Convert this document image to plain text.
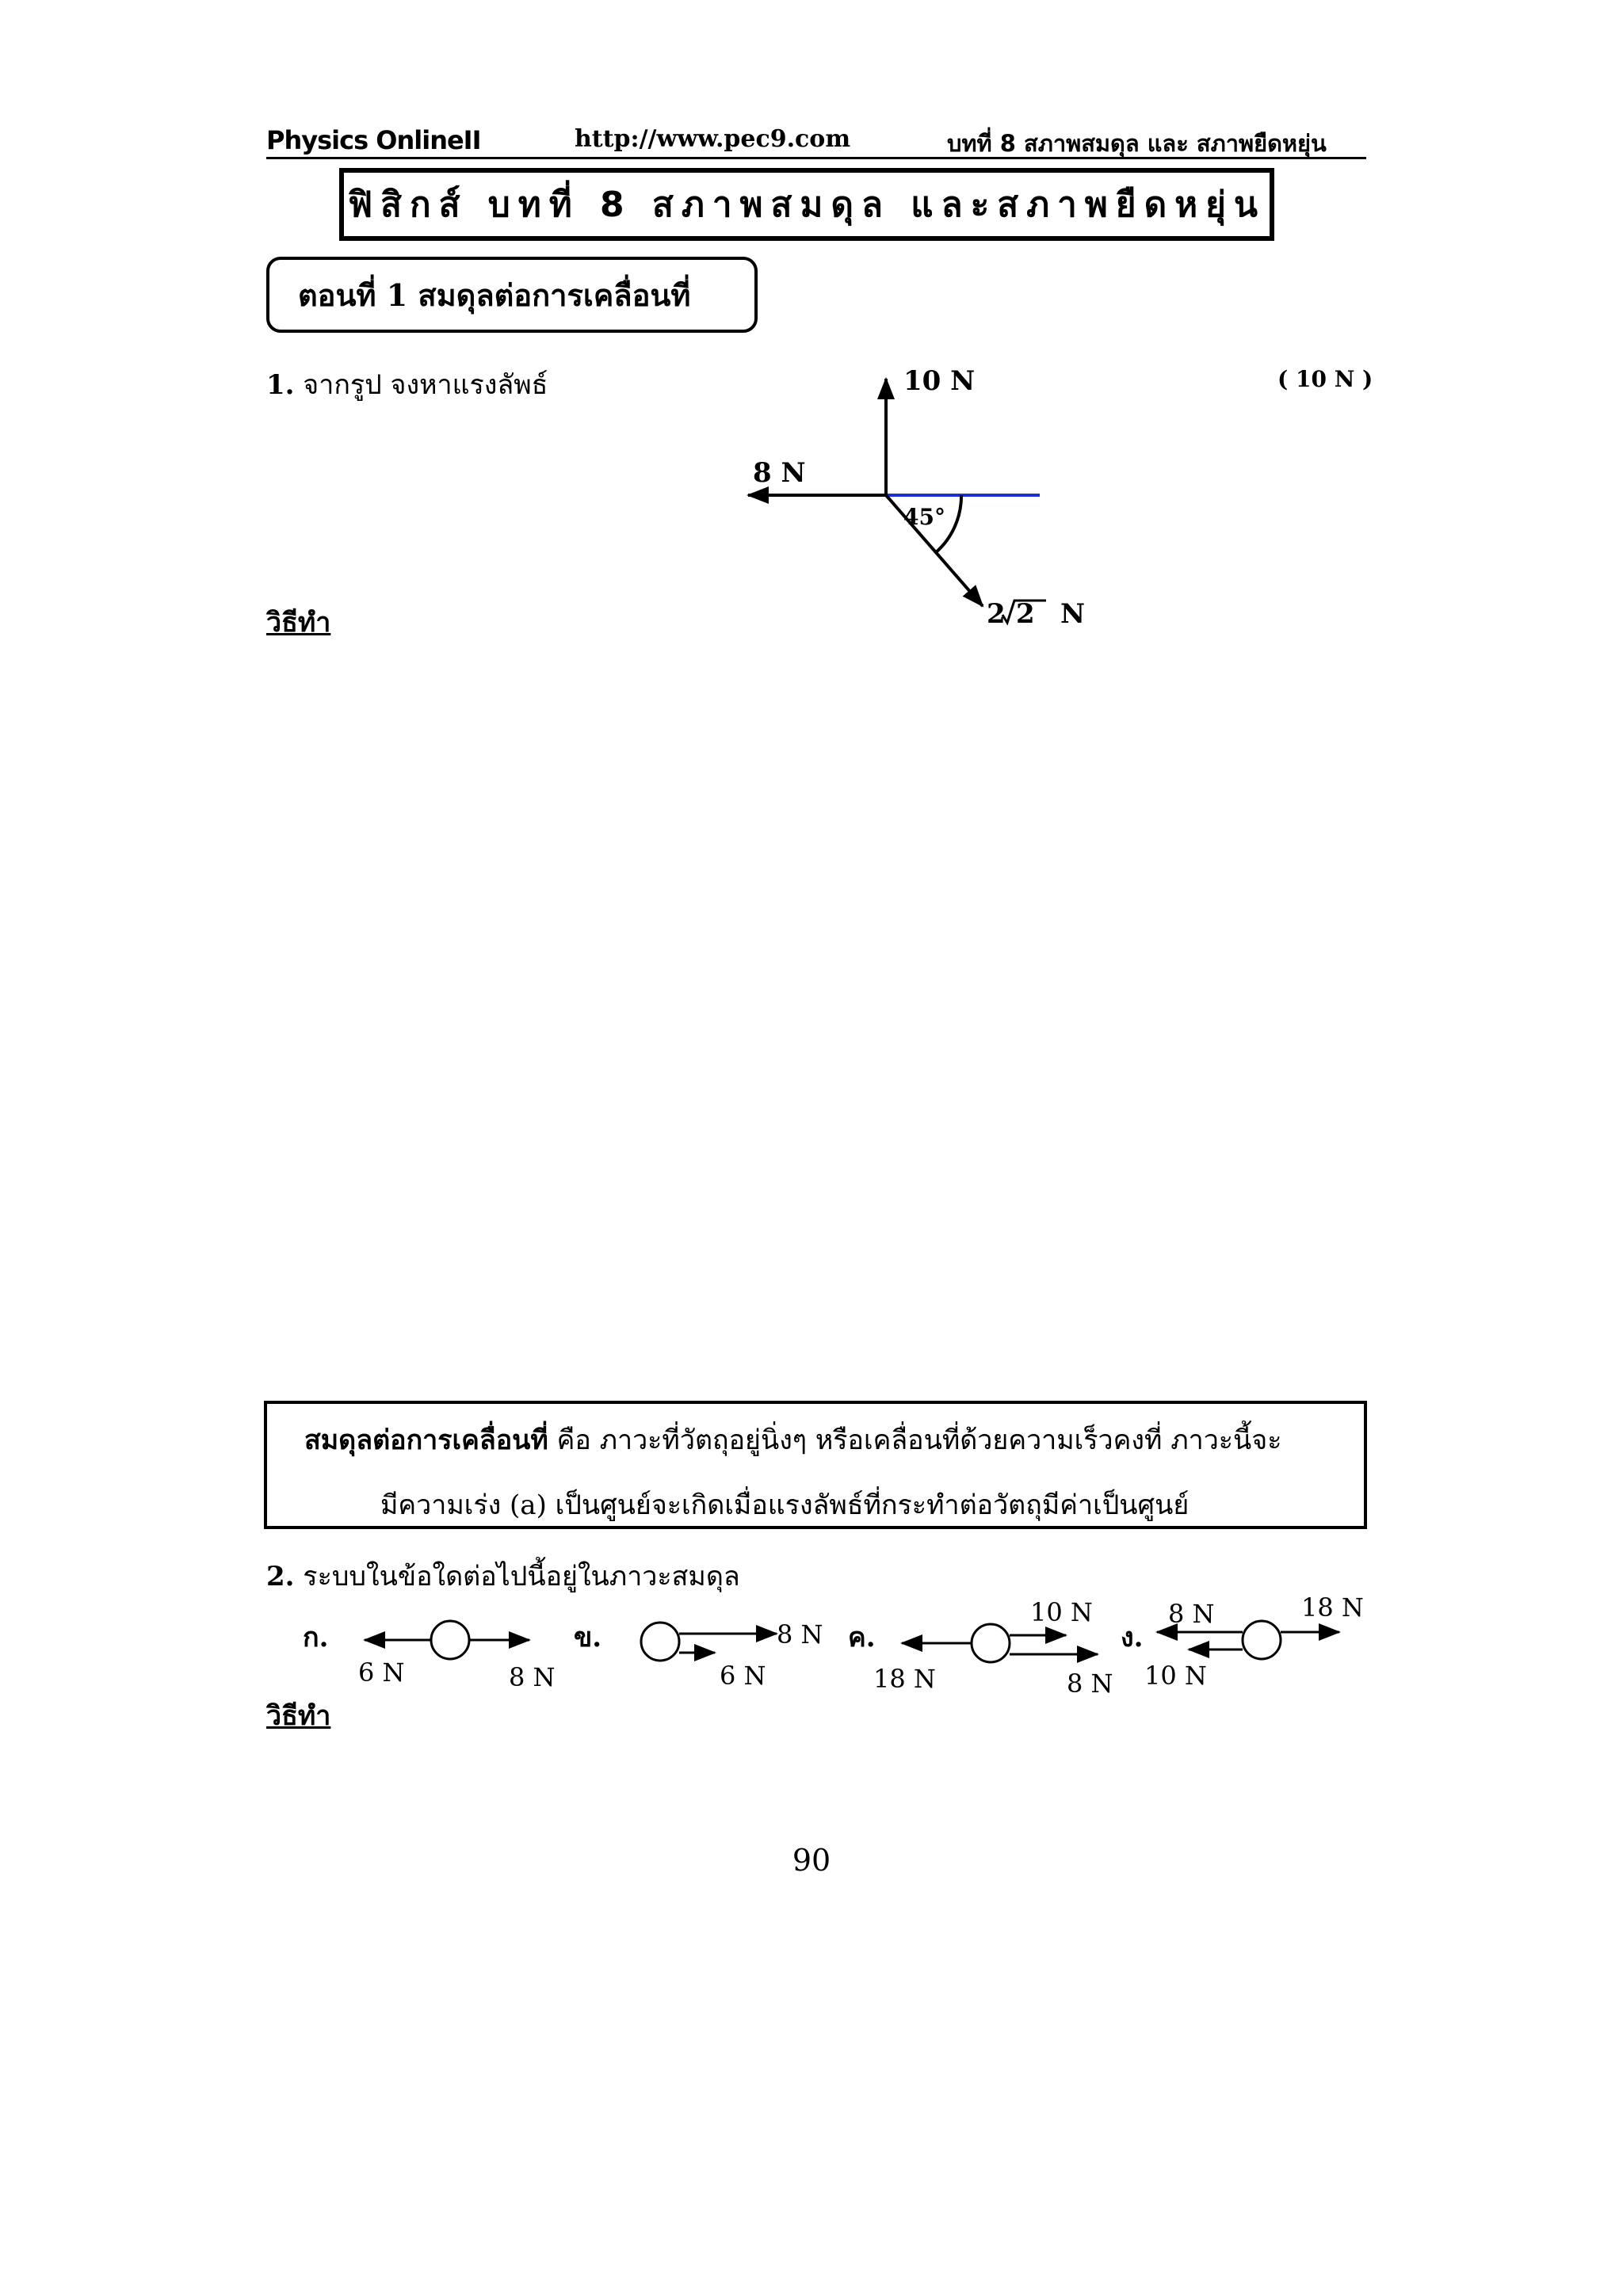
Physics OnlineII	http://www.pec9.com	บทที่ 8 สภาพสมดุล และ สภาพยืดหยุ่น
ฟิสิกส์ บทที่ 8 สภาพสมดุล และสภาพยืดหยุ่น
ตอนที่ 1 สมดุลต่อการเคลื่อนที่
1. จากรูป จงหาแรงลัพธ์	( 10 N )
วิธีทำ
10 N
8 N
45°
2 2 N
สมดุลต่อการเคลื่อนที่ คือ ภาวะที่วัตถุอยู่นิ่งๆ หรือเคลื่อนที่ด้วยความเร็วคงที่ ภาวะนี้จะ
มีความเร่ง (a) เป็นศูนย์จะเกิดเมื่อแรงลัพธ์ที่กระทำต่อวัตถุมีค่าเป็นศูนย์
2. ระบบในข้อใดต่อไปนี้อยู่ในภาวะสมดุล
ก.
6 N	8 N
ข.	8 N
6 N
ค.
10 N
18 N	8 N
ง.
8 N	18 N
10 N
วิธีทำ
90
